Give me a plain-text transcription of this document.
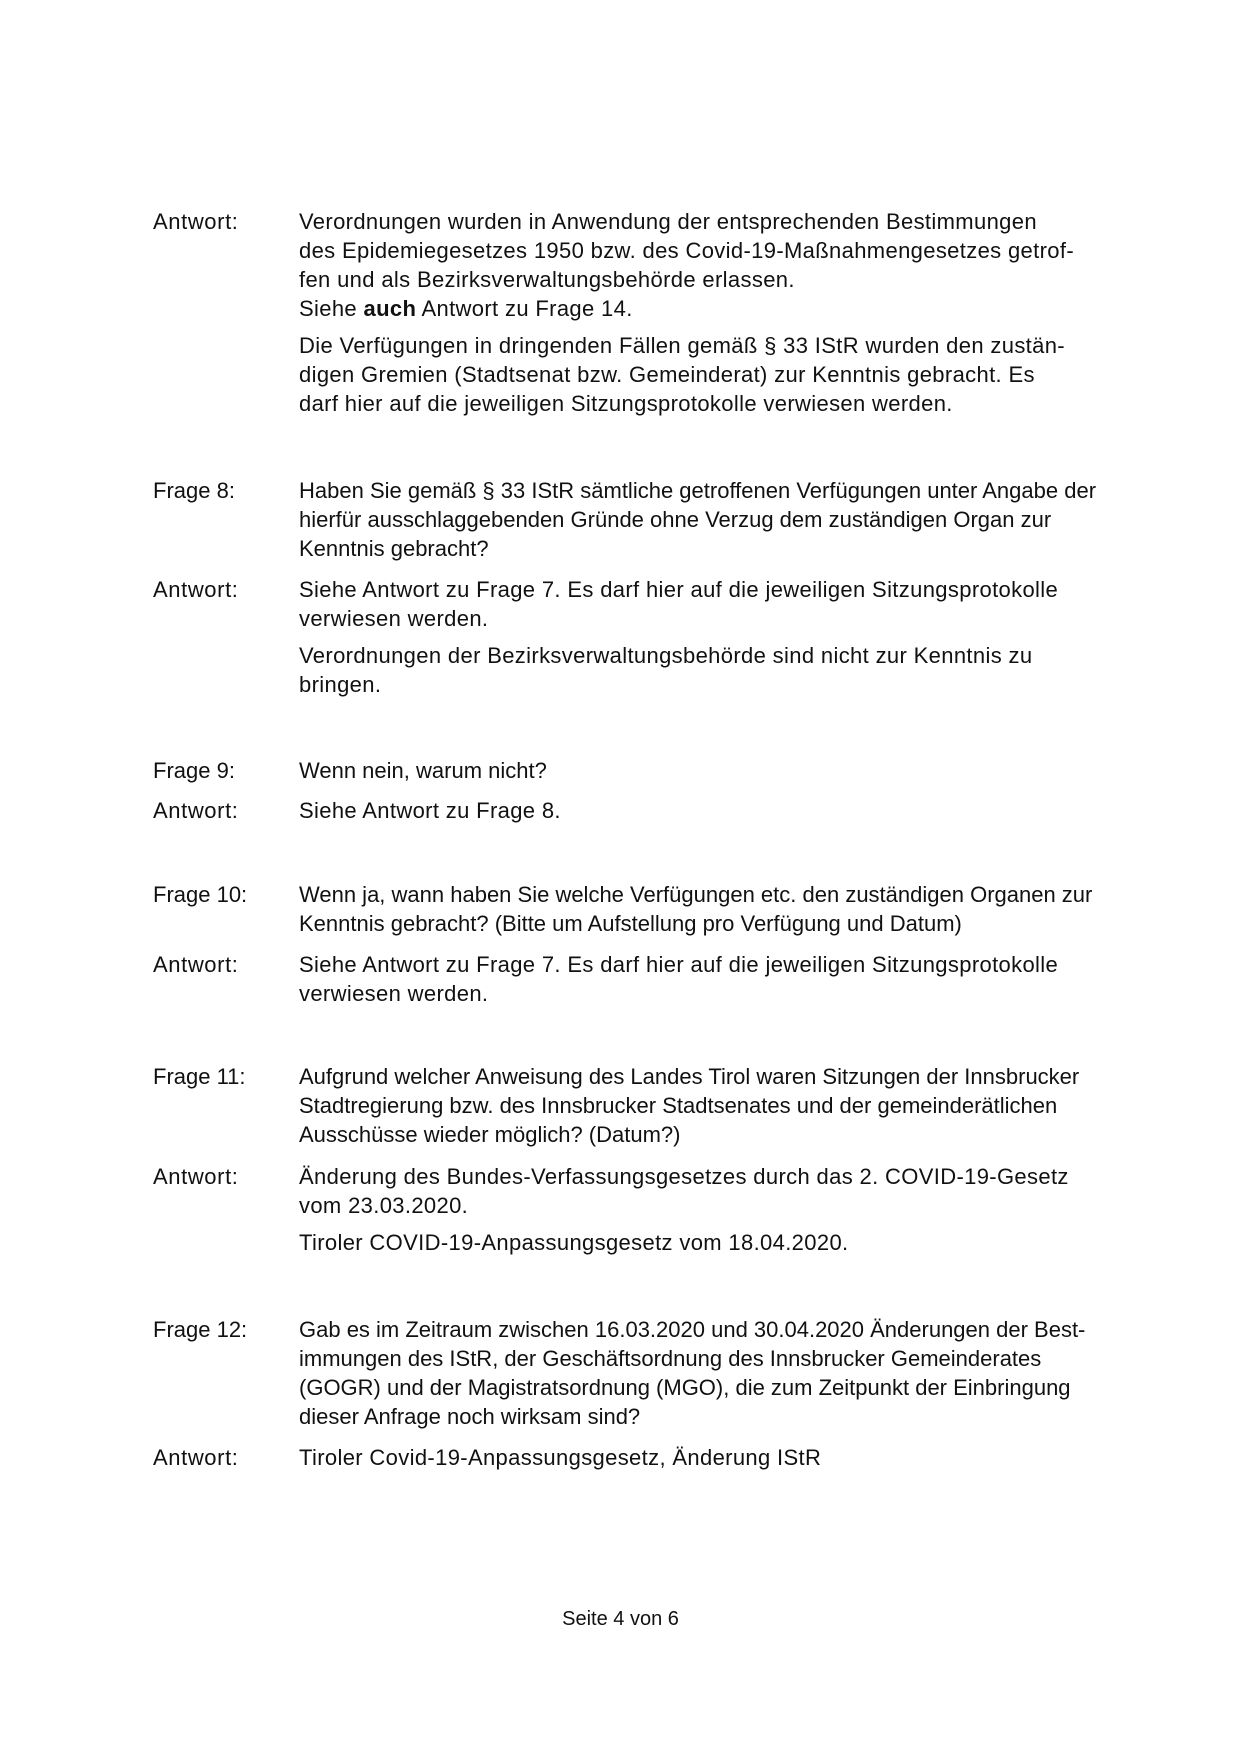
Antwort:	Verordnungen wurden in Anwendung der entsprechenden Bestimmungen
des Epidemiegesetzes 1950 bzw. des Covid-19-Maßnahmengesetzes getrof-
fen und als Bezirksverwaltungsbehörde erlassen.
Siehe auch Antwort zu Frage 14.

Die Verfügungen in dringenden Fällen gemäß § 33 IStR wurden den zustän-
digen Gremien (Stadtsenat bzw. Gemeinderat) zur Kenntnis gebracht. Es
darf hier auf die jeweiligen Sitzungsprotokolle verwiesen werden.

Frage 8:	Haben Sie gemäß § 33 IStR sämtliche getroffenen Verfügungen unter Angabe der
hierfür ausschlaggebenden Gründe ohne Verzug dem zuständigen Organ zur
Kenntnis gebracht?

Antwort:	Siehe Antwort zu Frage 7. Es darf hier auf die jeweiligen Sitzungsprotokolle
verwiesen werden.

Verordnungen der Bezirksverwaltungsbehörde sind nicht zur Kenntnis zu
bringen.

Frage 9:	Wenn nein, warum nicht?

Antwort:	Siehe Antwort zu Frage 8.

Frage 10:	Wenn ja, wann haben Sie welche Verfügungen etc. den zuständigen Organen zur
Kenntnis gebracht? (Bitte um Aufstellung pro Verfügung und Datum)

Antwort:	Siehe Antwort zu Frage 7. Es darf hier auf die jeweiligen Sitzungsprotokolle
verwiesen werden.

Frage 11:	Aufgrund welcher Anweisung des Landes Tirol waren Sitzungen der Innsbrucker
Stadtregierung bzw. des Innsbrucker Stadtsenates und der gemeinderätlichen
Ausschüsse wieder möglich? (Datum?)

Antwort:	Änderung des Bundes-Verfassungsgesetzes durch das 2. COVID-19-Gesetz
vom 23.03.2020.

Tiroler COVID-19-Anpassungsgesetz vom 18.04.2020.

Frage 12:	Gab es im Zeitraum zwischen 16.03.2020 und 30.04.2020 Änderungen der Best-
immungen des IStR, der Geschäftsordnung des Innsbrucker Gemeinderates
(GOGR) und der Magistratsordnung (MGO), die zum Zeitpunkt der Einbringung
dieser Anfrage noch wirksam sind?

Antwort:	Tiroler Covid-19-Anpassungsgesetz, Änderung IStR

Seite 4 von 6
